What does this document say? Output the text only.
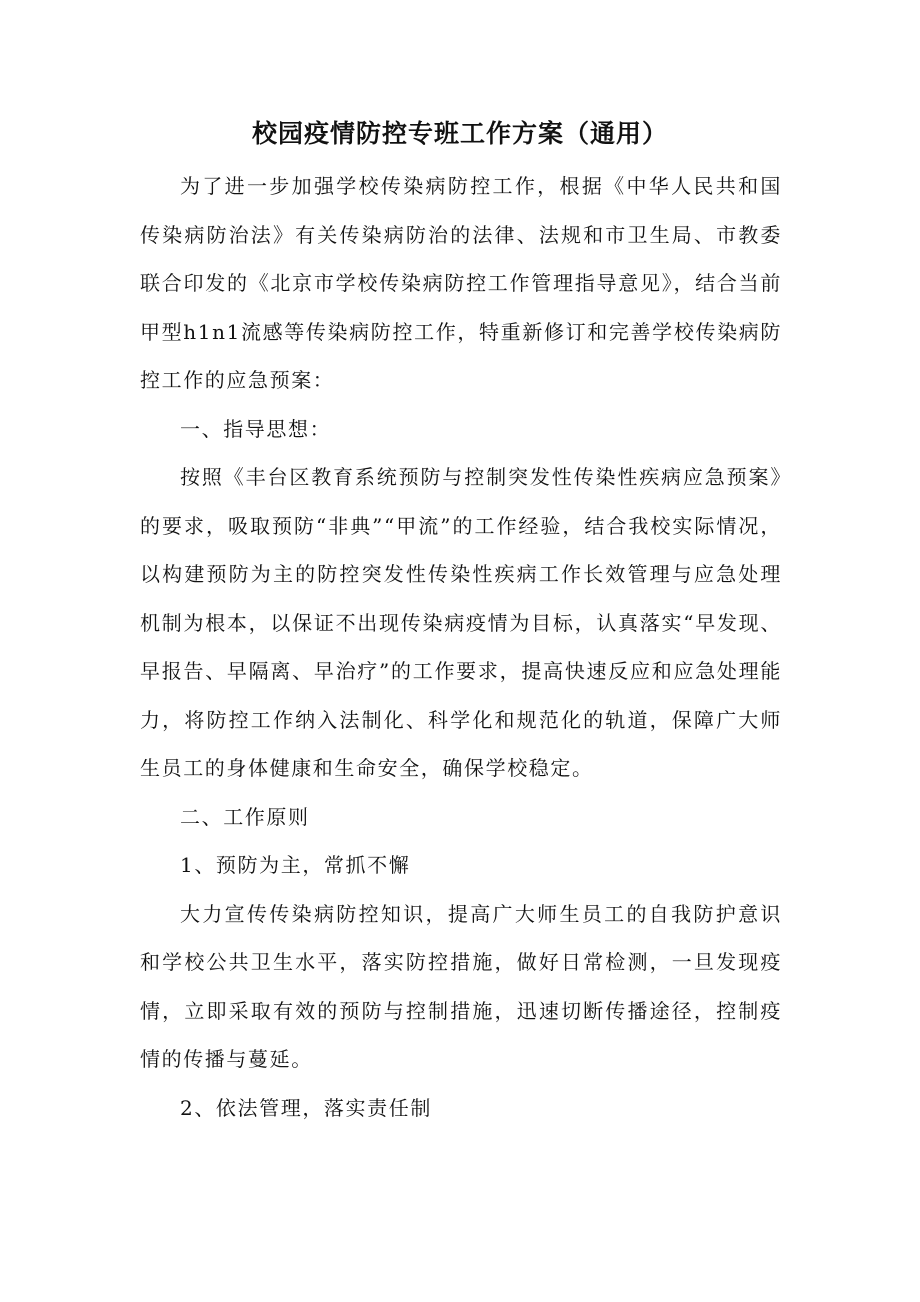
校园疫情防控专班工作方案（通用）

为了进一步加强学校传染病防控工作，根据《中华人民共和国传染病防治法》有关传染病防治的法律、法规和市卫生局、市教委联合印发的《北京市学校传染病防控工作管理指导意见》，结合当前甲型h1n1流感等传染病防控工作，特重新修订和完善学校传染病防控工作的应急预案：

一、指导思想：

按照《丰台区教育系统预防与控制突发性传染性疾病应急预案》的要求，吸取预防“非典”“甲流”的工作经验，结合我校实际情况，以构建预防为主的防控突发性传染性疾病工作长效管理与应急处理机制为根本，以保证不出现传染病疫情为目标，认真落实“早发现、早报告、早隔离、早治疗”的工作要求，提高快速反应和应急处理能力，将防控工作纳入法制化、科学化和规范化的轨道，保障广大师生员工的身体健康和生命安全，确保学校稳定。

二、工作原则

1、预防为主，常抓不懈

大力宣传传染病防控知识，提高广大师生员工的自我防护意识和学校公共卫生水平，落实防控措施，做好日常检测，一旦发现疫情，立即采取有效的预防与控制措施，迅速切断传播途径，控制疫情的传播与蔓延。

2、依法管理，落实责任制
